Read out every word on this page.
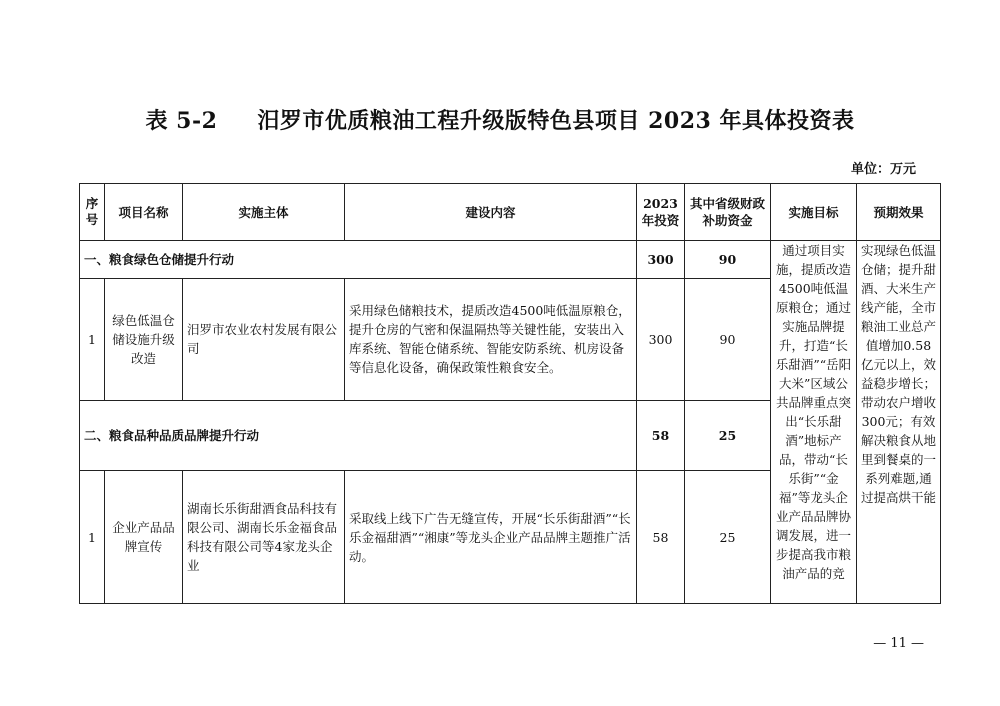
表 5-2 汨罗市优质粮油工程升级版特色县项目 2023 年具体投资表
单位：万元
序号	项目名称	实施主体	建设内容	2023年投资	其中省级财政补助资金	实施目标	预期效果
一、粮食绿色仓储提升行动				300	90	通过项目实施，提质改造4500吨低温原粮仓；通过实施品牌提升，打造“长乐甜酒”“岳阳大米”区域公共品牌重点突出“长乐甜酒”地标产品，带动“长乐街”“金福”等龙头企业产品品牌协调发展，进一步提高我市粮油产品的竞	实现绿色低温仓储；提升甜酒、大米生产线产能，全市粮油工业总产值增加0.58亿元以上，效益稳步增长；带动农户增收300元；有效解决粮食从地里到餐桌的一系列难题,通过提高烘干能

1	绿色低温仓储设施升级改造	汨罗市农业农村发展有限公司	采用绿色储粮技术，提质改造4500吨低温原粮仓，提升仓房的气密和保温隔热等关键性能，安装出入库系统、智能仓储系统、智能安防系统、机房设备等信息化设备，确保政策性粮食安全。	300	90		
二、粮食品种品质品牌提升行动				58	25		
1	企业产品品牌宣传	湖南长乐街甜酒食品科技有限公司、湖南长乐金福食品科技有限公司等4家龙头企业	采取线上线下广告无缝宣传，开展“长乐街甜酒”“长乐金福甜酒”“湘康”等龙头企业产品品牌主题推广活动。	58	25		
— 11 —
